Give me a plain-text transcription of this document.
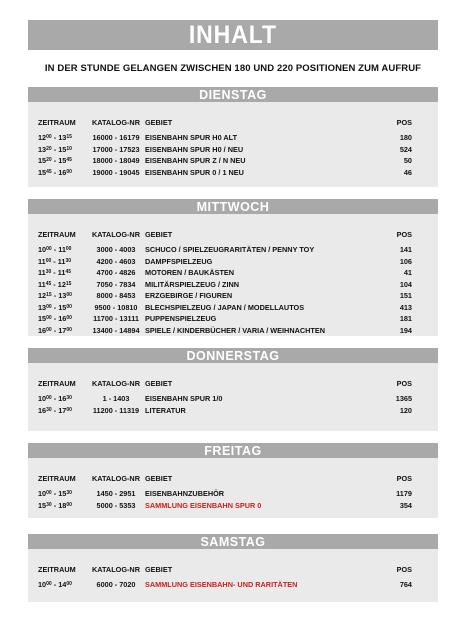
INHALT
IN DER STUNDE GELANGEN ZWISCHEN 180 UND 220 POSITIONEN ZUM AUFRUF
DIENSTAG
ZEITRAUM KATALOG-NR GEBIET	POS
$12^{00} - 13^{15}$	16000 - 16179 EISENBAHN SPUR H0 ALT	180
$13^{20} - 15^{10}$	17000 - 17523 EISENBAHN SPUR H0 / NEU	524
$15^{20} - 15^{45}$	18000 - 18049 EISENBAHN SPUR Z / N NEU	50
$15^{45} - 16^{00}$	19000 - 19045 EISENBAHN SPUR 0 / 1 NEU	46
MITTWOCH
ZEITRAUM KATALOG-NR GEBIET	POS
$10^{00} - 11^{00}$	3000 - 4003	SCHUCO / SPIELZEUGRARITÄTEN / PENNY TOY	141
$11^{00} - 11^{30}$	4200 - 4603	DAMPFSPIELZEUG	106
$11^{30} - 11^{45}$	4700 - 4826	MOTOREN / BAUKÄSTEN	41
$11^{45} - 12^{15}$	7050 - 7834	MILITÄRSPIELZEUG / ZINN	104
$12^{15} - 13^{00}$	8000 - 8453	ERZGEBIRGE / FIGUREN	151
$13^{00} - 15^{00}$	9500 - 10810	BLECHSPIELZEUG / JAPAN / MODELLAUTOS	413
$15^{00} - 16^{00}$	11700 - 13111 PUPPENSPIELZEUG	181
$16^{00} - 17^{00}$	13400 - 14894 SPIELE / KINDERBÜCHER / VARIA / WEIHNACHTEN	194
DONNERSTAG
ZEITRAUM KATALOG-NR GEBIET	POS
$10^{00} - 16^{30}$	1 - 1403	EISENBAHN SPUR 1/0	1365
$16^{30} - 17^{00}$	11200 - 11319 LITERATUR	120
FREITAG
ZEITRAUM KATALOG-NR GEBIET	POS
$10^{00} - 15^{30}$	1450 - 2951	EISENBAHNZUBEHÖR	1179
$15^{30} - 18^{00}$	5000 - 5353	SAMMLUNG EISENBAHN SPUR 0	354
SAMSTAG
ZEITRAUM KATALOG-NR GEBIET	POS
$10^{00} - 14^{00}$	6000 - 7020	SAMMLUNG EISENBAHN- UND RARITÄTEN	764
